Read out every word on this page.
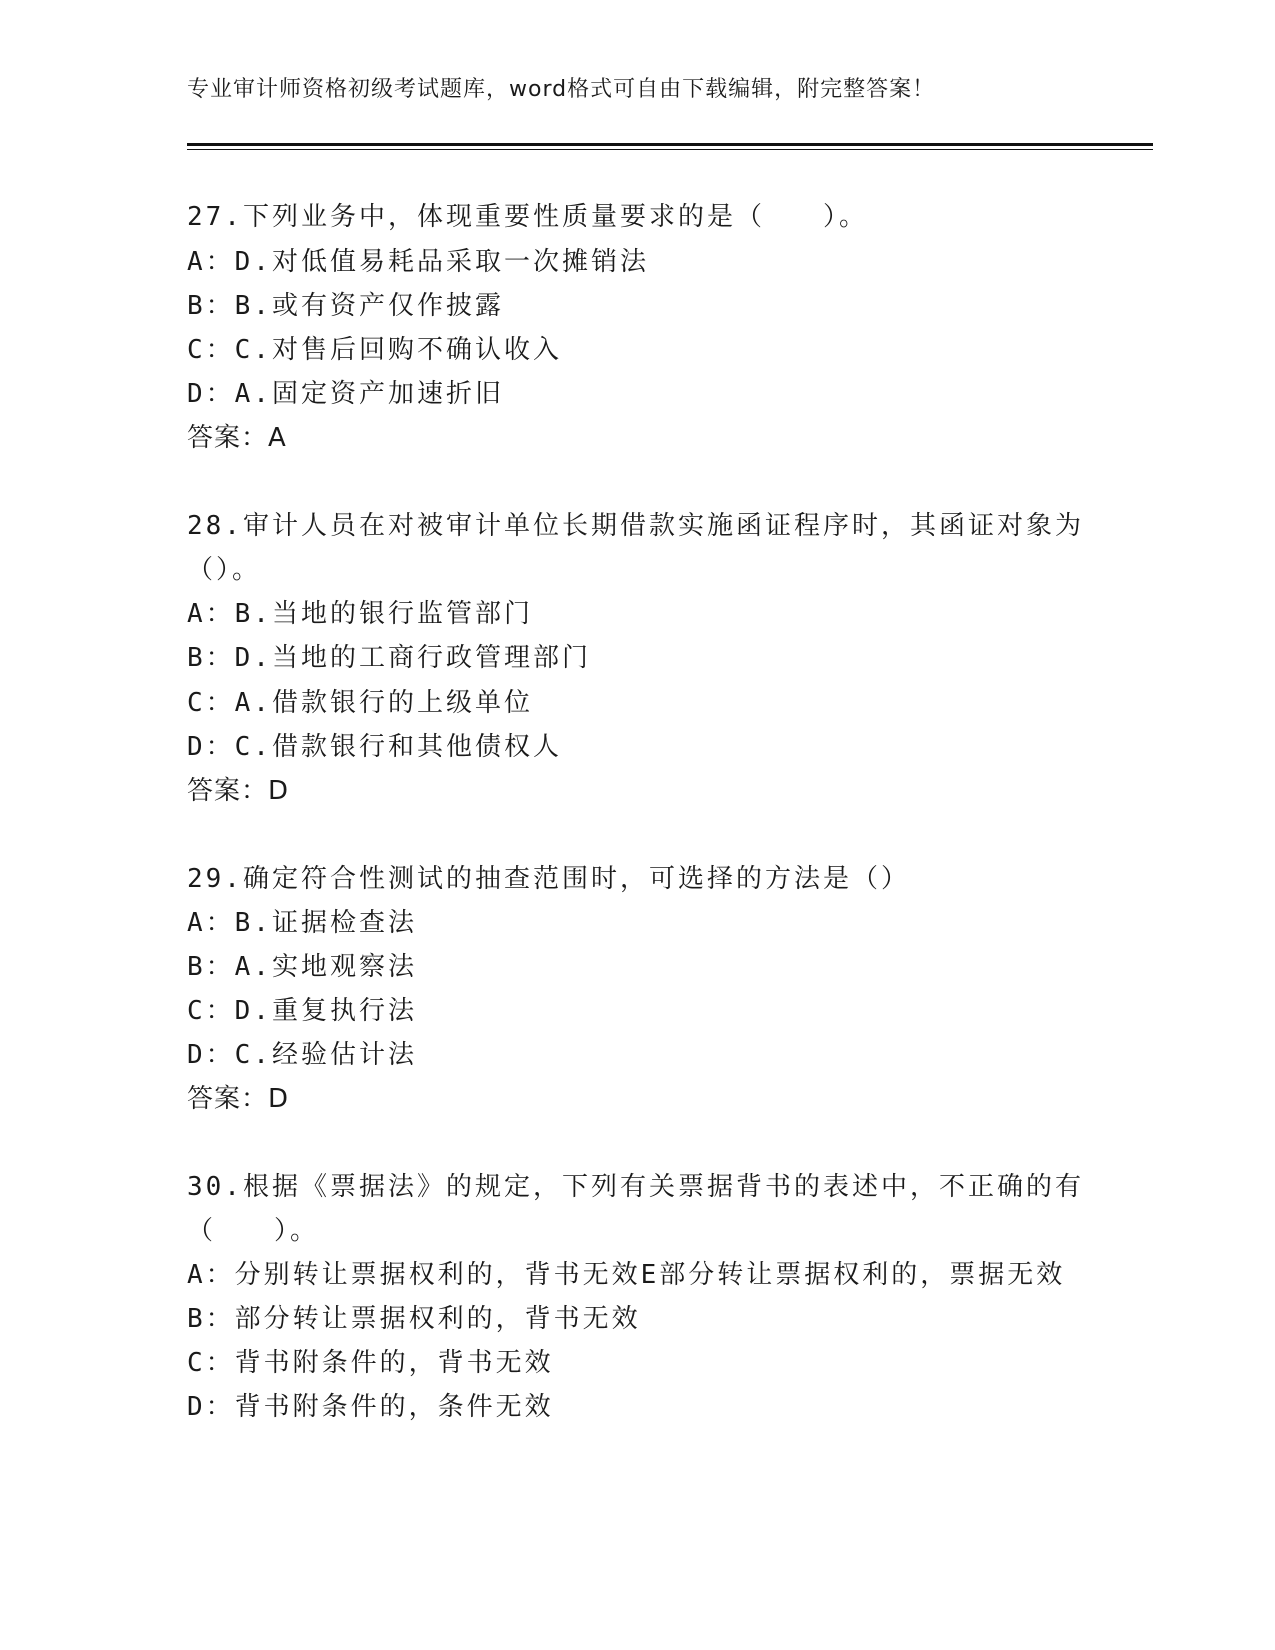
专业审计师资格初级考试题库，word格式可自由下载编辑，附完整答案！
27.下列业务中，体现重要性质量要求的是（　　）。
A：D.对低值易耗品采取一次摊销法
B：B.或有资产仅作披露
C：C.对售后回购不确认收入
D：A.固定资产加速折旧
答案：A
28.审计人员在对被审计单位长期借款实施函证程序时，其函证对象为
（）。
A：B.当地的银行监管部门
B：D.当地的工商行政管理部门
C：A.借款银行的上级单位
D：C.借款银行和其他债权人
答案：D
29.确定符合性测试的抽查范围时，可选择的方法是（）
A：B.证据检查法
B：A.实地观察法
C：D.重复执行法
D：C.经验估计法
答案：D
30.根据《票据法》的规定，下列有关票据背书的表述中，不正确的有
（　　）。
A：分别转让票据权利的，背书无效E部分转让票据权利的，票据无效
B：部分转让票据权利的，背书无效
C：背书附条件的，背书无效
D：背书附条件的，条件无效
